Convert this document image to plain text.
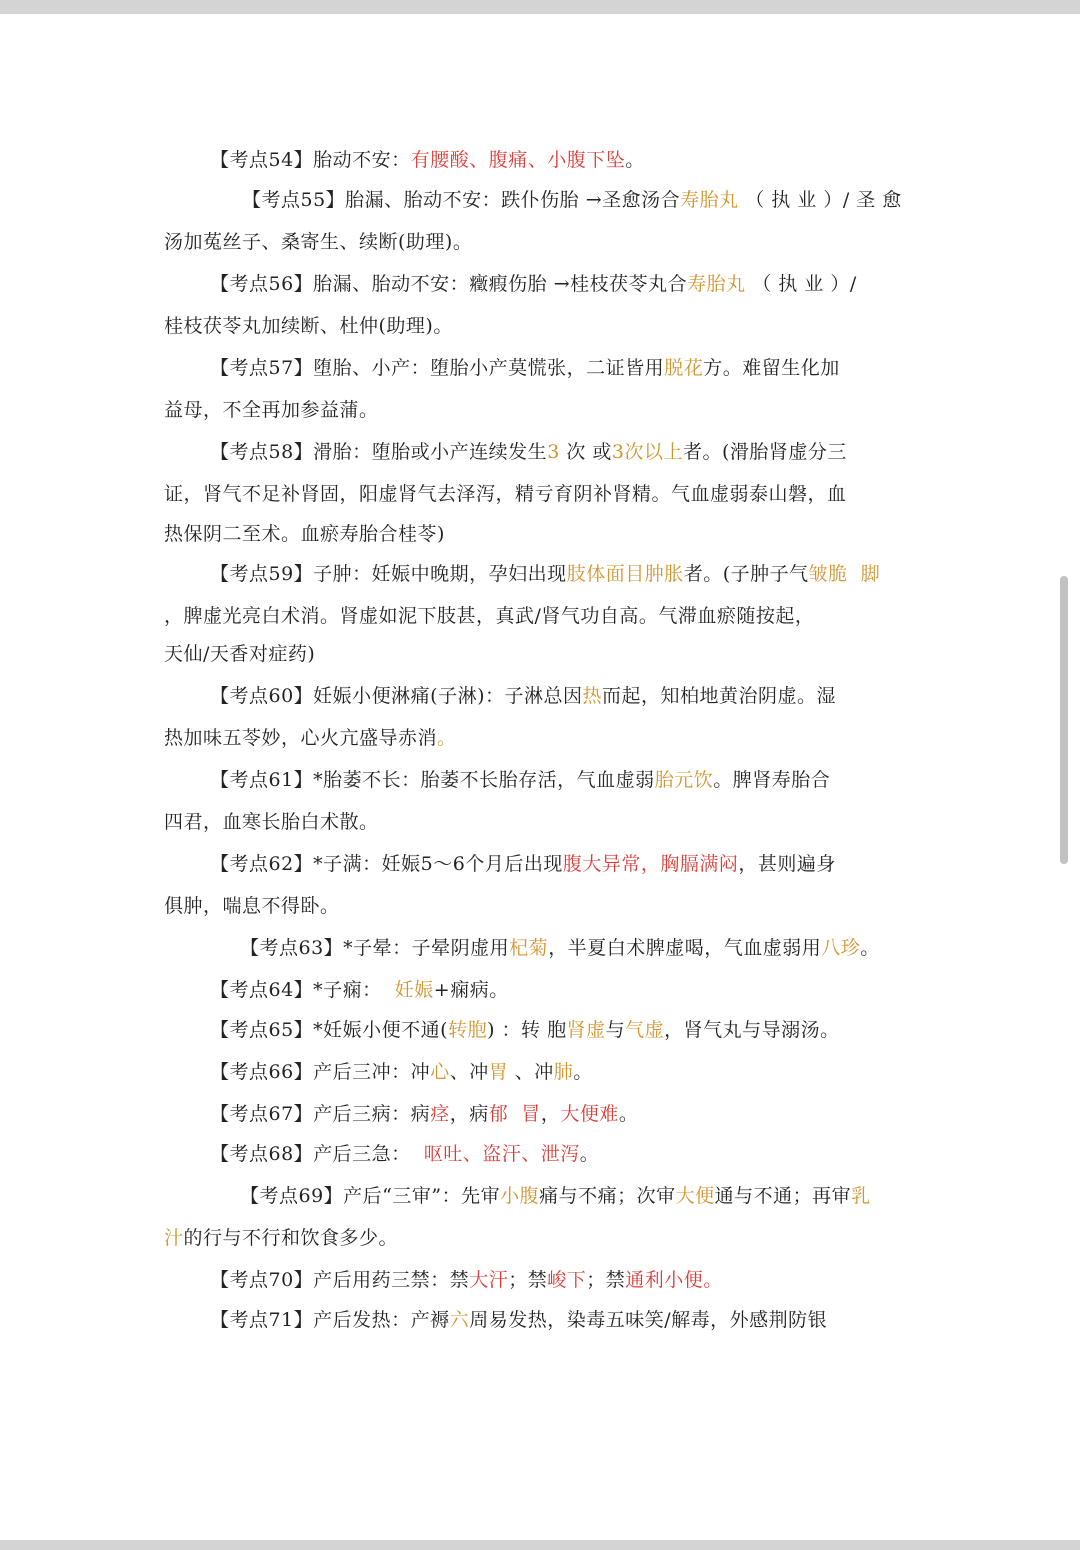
【考点54】胎动不安：有腰酸、腹痛、小腹下坠。
【考点55】胎漏、胎动不安：跌仆伤胎 →圣愈汤合寿胎丸 （ 执 业 ）/ 圣 愈
汤加菟丝子、桑寄生、续断(助理)。
【考点56】胎漏、胎动不安：癥瘕伤胎 →桂枝茯苓丸合寿胎丸 （ 执 业 ）/
桂枝茯苓丸加续断、杜仲(助理)。
【考点57】堕胎、小产：堕胎小产莫慌张，二证皆用脱花方。难留生化加
益母，不全再加参益蒲。
【考点58】滑胎：堕胎或小产连续发生3 次 或3次以上者。(滑胎肾虚分三
证，肾气不足补肾固，阳虚肾气去泽泻，精亏育阴补肾精。气血虚弱泰山磐，血
热保阴二至术。血瘀寿胎合桂苓)
【考点59】子肿：妊娠中晚期，孕妇出现肢体面目肿胀者。(子肿子气皱脆  脚
，脾虚光亮白术消。肾虚如泥下肢甚，真武/肾气功自高。气滞血瘀随按起，
天仙/天香对症药)
【考点60】妊娠小便淋痛(子淋)：子淋总因热而起，知柏地黄治阴虚。湿
热加味五苓妙，心火亢盛导赤消。
【考点61】*胎萎不长：胎萎不长胎存活，气血虚弱胎元饮。脾肾寿胎合
四君，血寒长胎白术散。
【考点62】*子满：妊娠5～6个月后出现腹大异常，胸膈满闷，甚则遍身
俱肿，喘息不得卧。
【考点63】*子晕：子晕阴虚用杞菊，半夏白术脾虚喝，气血虚弱用八珍。
【考点64】*子痫：  妊娠+痫病。
【考点65】*妊娠小便不通(转胞) ：转 胞肾虚与气虚，肾气丸与导溺汤。
【考点66】产后三冲：冲心、冲胃 、冲肺。
【考点67】产后三病：病痉，病郁  冒，大便难。
【考点68】产后三急：  呕吐、盗汗、泄泻。
【考点69】产后“三审”：先审小腹痛与不痛；次审大便通与不通；再审乳
汁的行与不行和饮食多少。
【考点70】产后用药三禁：禁大汗；禁峻下；禁通利小便。
【考点71】产后发热：产褥六周易发热，染毒五味笑/解毒，外感荆防银
